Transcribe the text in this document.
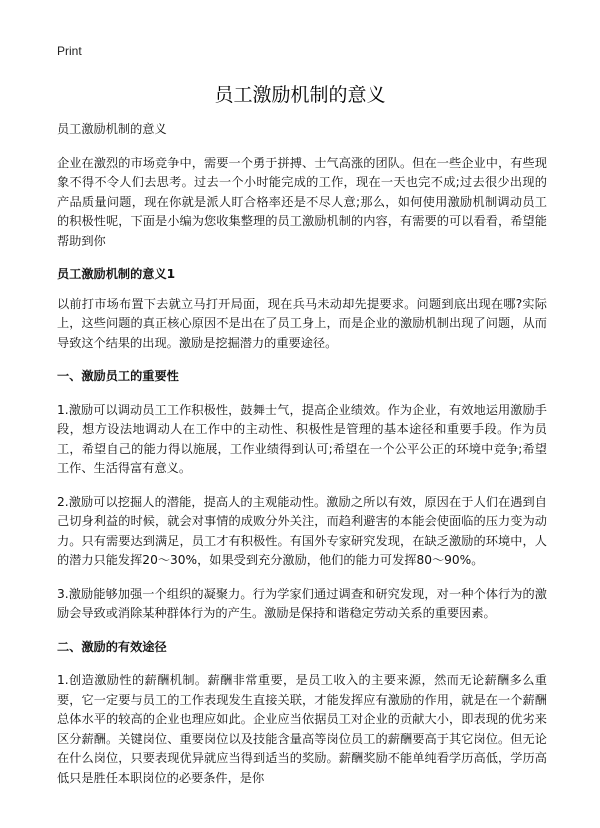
Print
员工激励机制的意义

员工激励机制的意义

企业在激烈的市场竞争中，需要一个勇于拼搏、士气高涨的团队。但在一些企业中，有些现象不得不令人们去思考。过去一个小时能完成的工作，现在一天也完不成;过去很少出现的产品质量问题，现在你就是派人盯合格率还是不尽人意;那么，如何使用激励机制调动员工的积极性呢，下面是小编为您收集整理的员工激励机制的内容，有需要的可以看看，希望能帮助到你

员工激励机制的意义1

以前打市场布置下去就立马打开局面，现在兵马未动却先提要求。问题到底出现在哪?实际上，这些问题的真正核心原因不是出在了员工身上，而是企业的激励机制出现了问题，从而导致这个结果的出现。激励是挖掘潜力的重要途径。

一、激励员工的重要性

1.激励可以调动员工工作积极性，鼓舞士气，提高企业绩效。作为企业，有效地运用激励手段，想方设法地调动人在工作中的主动性、积极性是管理的基本途径和重要手段。作为员工，希望自己的能力得以施展，工作业绩得到认可;希望在一个公平公正的环境中竞争;希望工作、生活得富有意义。

2.激励可以挖掘人的潜能，提高人的主观能动性。激励之所以有效，原因在于人们在遇到自己切身利益的时候，就会对事情的成败分外关注，而趋利避害的本能会使面临的压力变为动力。只有需要达到满足，员工才有积极性。有国外专家研究发现，在缺乏激励的环境中，人的潜力只能发挥20～30%，如果受到充分激励，他们的能力可发挥80～90%。

3.激励能够加强一个组织的凝聚力。行为学家们通过调查和研究发现，对一种个体行为的激励会导致或消除某种群体行为的产生。激励是保持和谐稳定劳动关系的重要因素。

二、激励的有效途径

1.创造激励性的薪酬机制。薪酬非常重要，是员工收入的主要来源，然而无论薪酬多么重要，它一定要与员工的工作表现发生直接关联，才能发挥应有激励的作用，就是在一个薪酬总体水平的较高的企业也理应如此。企业应当依据员工对企业的贡献大小，即表现的优劣来区分薪酬。关键岗位、重要岗位以及技能含量高等岗位员工的薪酬要高于其它岗位。但无论在什么岗位，只要表现优异就应当得到适当的奖励。薪酬奖励不能单纯看学历高低，学历高低只是胜任本职岗位的必要条件，是你
